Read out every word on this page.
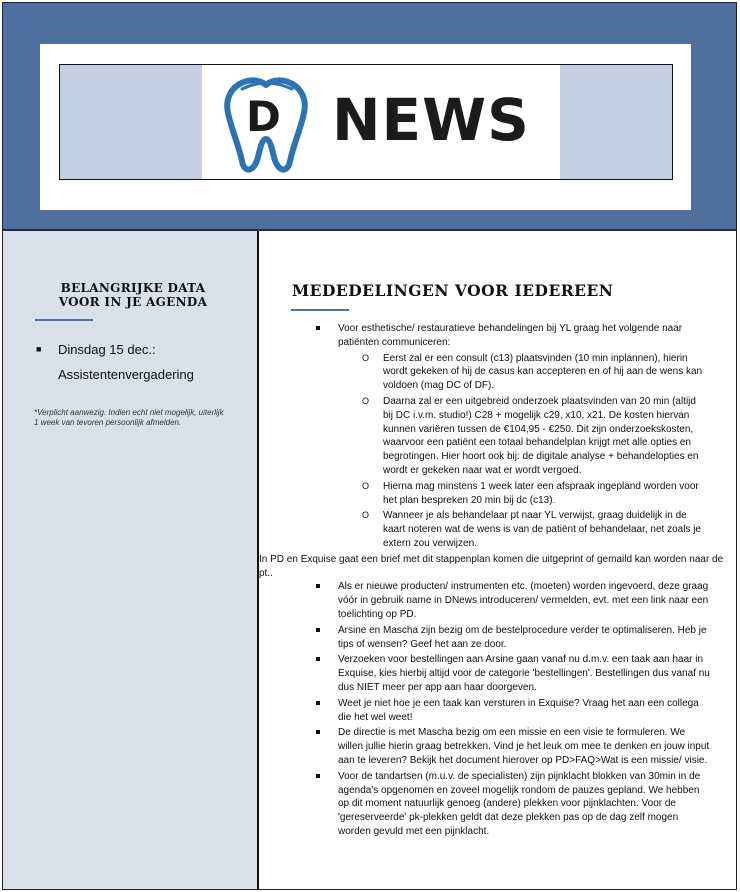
D NEWS
BELANGRIJKE DATA
VOOR IN JE AGENDA
■ Dinsdag 15 dec.:
Assistentenvergadering

*Verplicht aanwezig. Indien echt niet mogelijk, uiterlijk 1 week van tevoren persoonlijk afmelden.

MEDEDELINGEN VOOR IEDEREEN
Voor esthetische/ restauratieve behandelingen bij YL graag het volgende naar patiënten communiceren:
O Eerst zal er een consult (c13) plaatsvinden (10 min inplannen), hierin wordt gekeken of hij de casus kan accepteren en of hij aan de wens kan voldoen (mag DC of DF).
O Daarna zal er een uitgebreid onderzoek plaatsvinden van 20 min (altijd bij DC i.v.m. studio!) C28 + mogelijk c29, x10, x21. De kosten hiervan kunnen variëren tussen de €104,95 - €250. Dit zijn onderzoekskosten, waarvoor een patiënt een totaal behandelplan krijgt met alle opties en begrotingen. Hier hoort ook bij: de digitale analyse + behandelopties en wordt er gekeken naar wat er wordt vergoed.
O Hierna mag minstens 1 week later een afspraak ingepland worden voor het plan bespreken 20 min bij dc (c13).
O Wanneer je als behandelaar pt naar YL verwijst, graag duidelijk in de kaart noteren wat de wens is van de patiënt of behandelaar, net zoals je extern zou verwijzen.

In PD en Exquise gaat een brief met dit stappenplan komen die uitgeprint of gemaild kan worden naar de pt..

Als er nieuwe producten/ instrumenten etc. (moeten) worden ingevoerd, deze graag vóór in gebruik name in DNews introduceren/ vermelden, evt. met een link naar een toelichting op PD.
Arsine en Mascha zijn bezig om de bestelprocedure verder te optimaliseren. Heb je tips of wensen? Geef het aan ze door.
Verzoeken voor bestellingen aan Arsine gaan vanaf nu d.m.v. een taak aan haar in Exquise, kies hierbij altijd voor de categorie 'bestellingen'. Bestellingen dus vanaf nu dus NIET meer per app aan haar doorgeven.
Weet je niet hoe je een taak kan versturen in Exquise? Vraag het aan een collega die het wel weet!
De directie is met Mascha bezig om een missie en een visie te formuleren. We willen jullie hierin graag betrekken. Vind je het leuk om mee te denken en jouw input aan te leveren? Bekijk het document hierover op PD>FAQ>Wat is een missie/ visie.
Voor de tandartsen (m.u.v. de specialisten) zijn pijnklacht blokken van 30min in de agenda's opgenomen en zoveel mogelijk rondom de pauzes gepland. We hebben op dit moment natuurlijk genoeg (andere) plekken voor pijnklachten. Voor de 'gereserveerde' pk-plekken geldt dat deze plekken pas op de dag zelf mogen worden gevuld met een pijnklacht.
